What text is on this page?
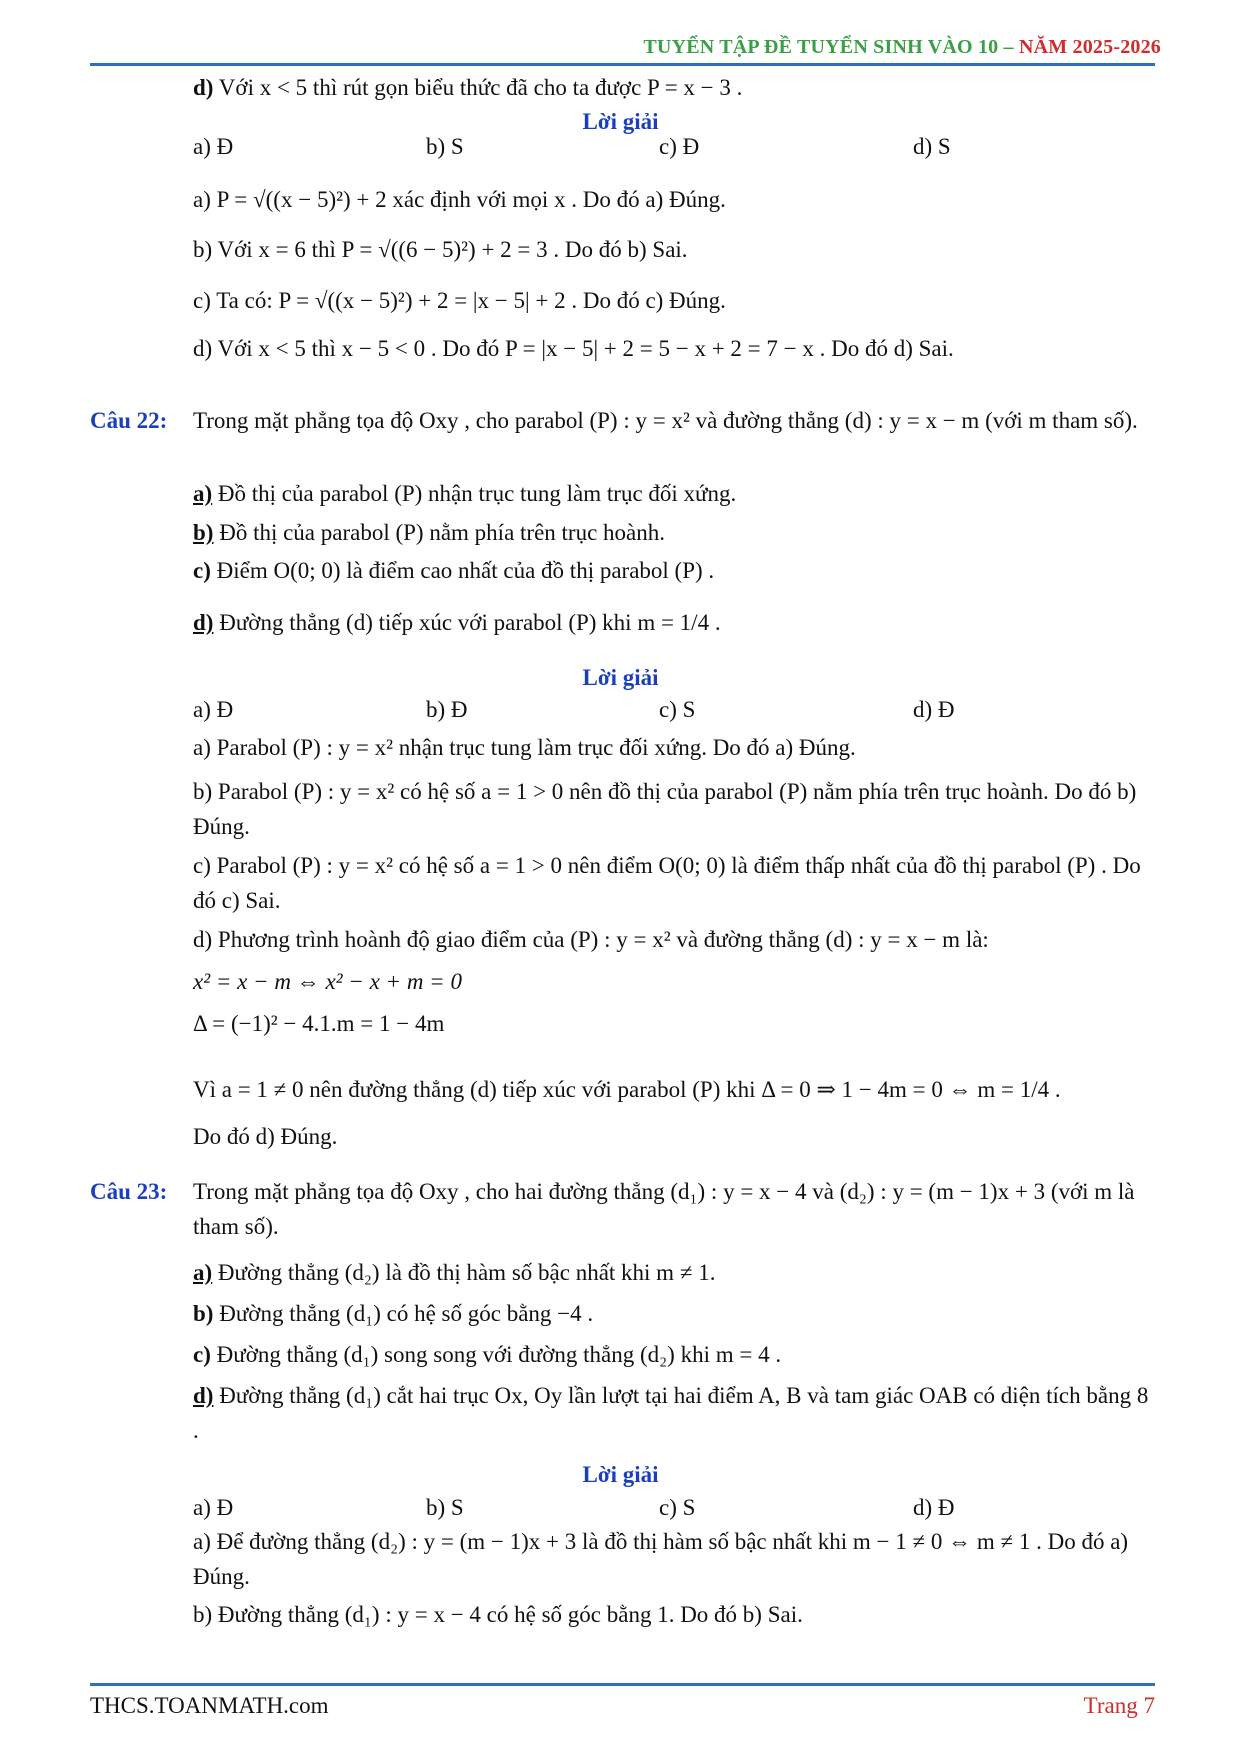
TUYỂN TẬP ĐỀ TUYỂN SINH VÀO 10 – NĂM 2025-2026
d) Với x < 5 thì rút gọn biểu thức đã cho ta được P = x − 3 .
Lời giải
a) Đ	b) S	c) Đ	d) S
a) P = √((x − 5)²) + 2 xác định với mọi x . Do đó a) Đúng.
b) Với x = 6 thì P = √((6 − 5)²) + 2 = 3 . Do đó b) Sai.
c) Ta có: P = √((x − 5)²) + 2 = |x − 5| + 2 . Do đó c) Đúng.
d) Với x < 5 thì x − 5 < 0 . Do đó P = |x − 5| + 2 = 5 − x + 2 = 7 − x . Do đó d) Sai.
Câu 22: Trong mặt phẳng tọa độ Oxy , cho parabol (P) : y = x² và đường thẳng (d) : y = x − m (với m tham số).
a) Đồ thị của parabol (P) nhận trục tung làm trục đối xứng.
b) Đồ thị của parabol (P) nằm phía trên trục hoành.
c) Điểm O(0; 0) là điểm cao nhất của đồ thị parabol (P) .
d) Đường thẳng (d) tiếp xúc với parabol (P) khi m = 1/4 .
Lời giải
a) Đ	b) Đ	c) S	d) Đ
a) Parabol (P) : y = x² nhận trục tung làm trục đối xứng. Do đó a) Đúng.
b) Parabol (P) : y = x² có hệ số a = 1 > 0 nên đồ thị của parabol (P) nằm phía trên trục hoành. Do đó b) Đúng.
c) Parabol (P) : y = x² có hệ số a = 1 > 0 nên điểm O(0; 0) là điểm thấp nhất của đồ thị parabol (P) . Do đó c) Sai.
d) Phương trình hoành độ giao điểm của (P) : y = x² và đường thẳng (d) : y = x − m là:
x² = x − m ⇔ x² − x + m = 0
Δ = (−1)² − 4.1.m = 1 − 4m
Vì a = 1 ≠ 0 nên đường thẳng (d) tiếp xúc với parabol (P) khi Δ = 0 ⇒ 1 − 4m = 0 ⇔ m = 1/4 .
Do đó d) Đúng.
Câu 23: Trong mặt phẳng tọa độ Oxy , cho hai đường thẳng (d₁) : y = x − 4 và (d₂) : y = (m − 1)x + 3 (với m là tham số).
a) Đường thẳng (d₂) là đồ thị hàm số bậc nhất khi m ≠ 1.
b) Đường thẳng (d₁) có hệ số góc bằng −4 .
c) Đường thẳng (d₁) song song với đường thẳng (d₂) khi m = 4 .
d) Đường thẳng (d₁) cắt hai trục Ox, Oy lần lượt tại hai điểm A, B và tam giác OAB có diện tích bằng 8 .
Lời giải
a) Đ	b) S	c) S	d) Đ
a) Để đường thẳng (d₂) : y = (m − 1)x + 3 là đồ thị hàm số bậc nhất khi m − 1 ≠ 0 ⇔ m ≠ 1 . Do đó a) Đúng.
b) Đường thẳng (d₁) : y = x − 4 có hệ số góc bằng 1. Do đó b) Sai.
THCS.TOANMATH.com	Trang 7
